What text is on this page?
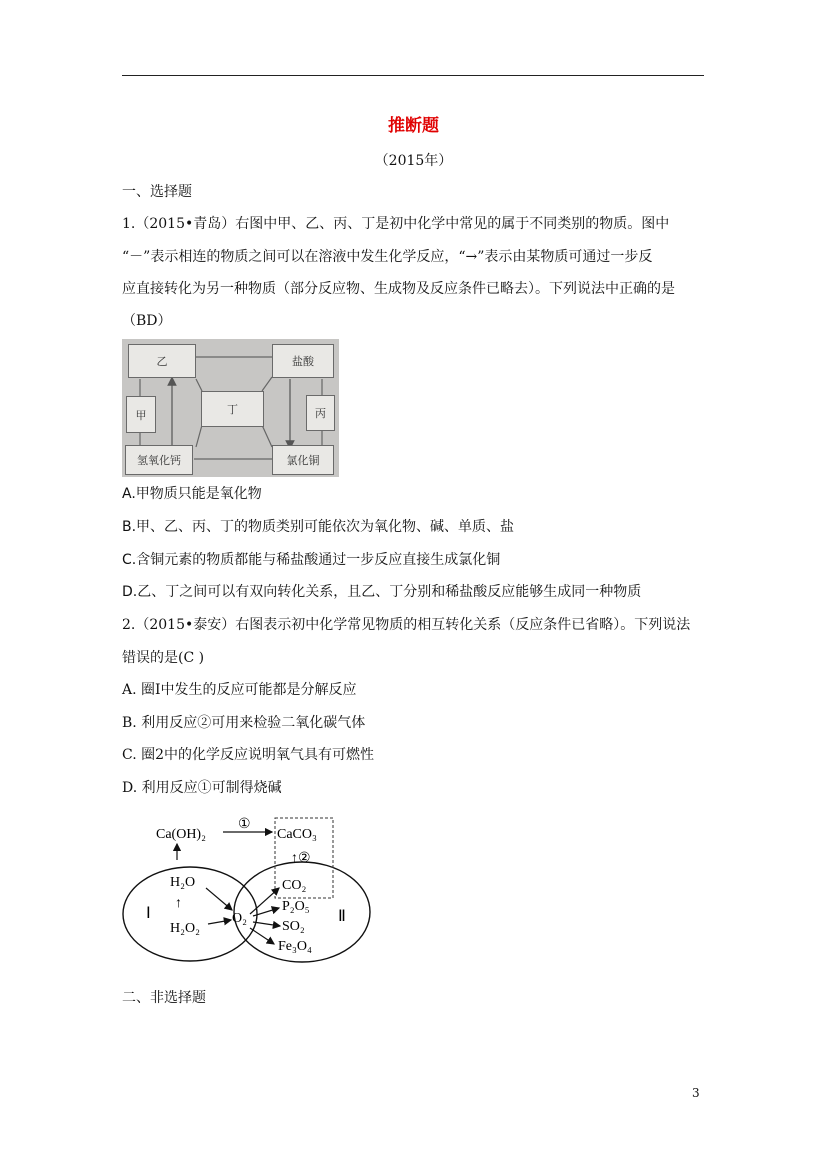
推断题
（2015年）
一、选择题
1.（2015•青岛）右图中甲、乙、丙、丁是初中化学中常见的属于不同类别的物质。图中
“－”表示相连的物质之间可以在溶液中发生化学反应，“→”表示由某物质可通过一步反
应直接转化为另一种物质（部分反应物、生成物及反应条件已略去）。下列说法中正确的是
（BD）
乙	盐酸
甲	丁	丙
氢氧化钙	氯化铜
A.甲物质只能是氧化物
B.甲、乙、丙、丁的物质类别可能依次为氧化物、碱、单质、盐
C.含铜元素的物质都能与稀盐酸通过一步反应直接生成氯化铜
D.乙、丁之间可以有双向转化关系，且乙、丁分别和稀盐酸反应能够生成同一种物质
2.（2015•泰安）右图表示初中化学常见物质的相互转化关系（反应条件已省略）。下列说法
错误的是(C )
A. 圈Ⅰ中发生的反应可能都是分解反应
B. 利用反应②可用来检验二氧化碳气体
C. 圈2中的化学反应说明氧气具有可燃性
D. 利用反应①可制得烧碱
Ca(OH)₂
①
CaCO₃
↑②
H₂O
↑
H₂O₂
O₂
CO₂
P₂O₅
SO₂
Fe₃O₄
Ⅰ	Ⅱ
二、非选择题
3
